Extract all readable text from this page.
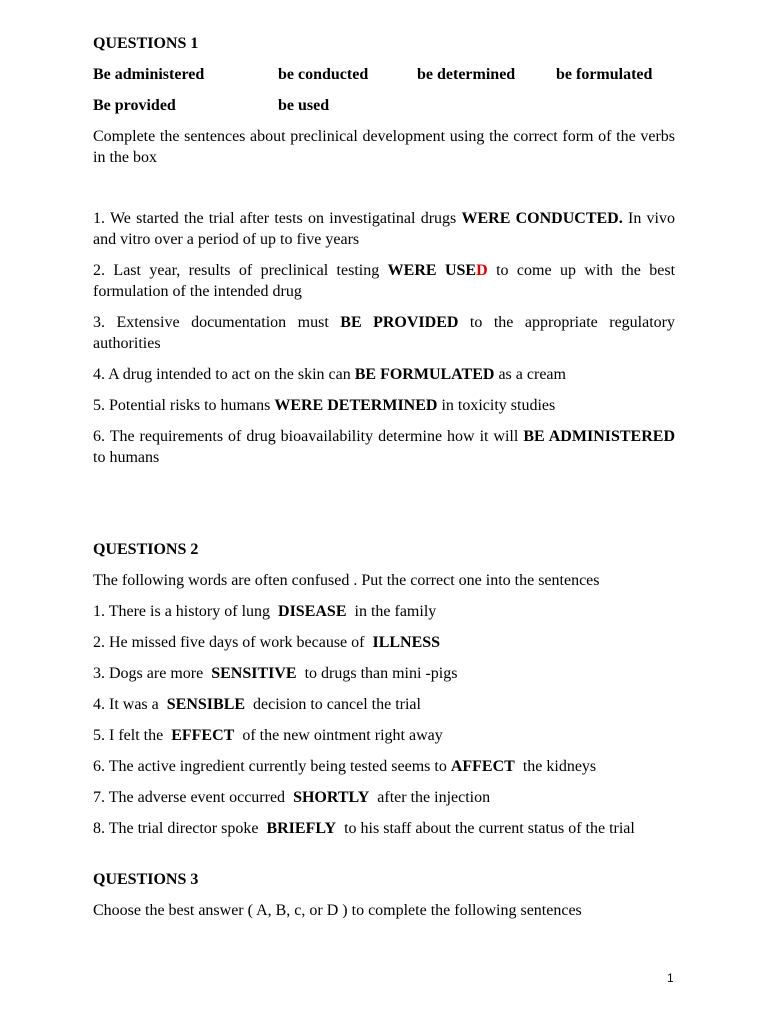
QUESTIONS 1
Be administered	be conducted	be determined	be formulated
Be provided	be used

Complete the sentences about preclinical development using the correct form of the verbs in the box

1. We started the trial after tests on investigatinal drugs WERE CONDUCTED. In vivo and vitro over a period of up to five years

2. Last year, results of preclinical testing WERE USED to come up with the best formulation of the intended drug

3. Extensive documentation must BE PROVIDED to the appropriate regulatory authorities

4. A drug intended to act on the skin can BE FORMULATED as a cream

5. Potential risks to humans WERE DETERMINED in toxicity studies

6. The requirements of drug bioavailability determine how it will BE ADMINISTERED to humans

QUESTIONS 2

The following words are often confused . Put the correct one into the sentences

1. There is a history of lung  DISEASE  in the family

2. He missed five days of work because of  ILLNESS

3. Dogs are more  SENSITIVE  to drugs than mini -pigs

4. It was a  SENSIBLE  decision to cancel the trial

5. I felt the  EFFECT  of the new ointment right away

6. The active ingredient currently being tested seems to AFFECT  the kidneys

7. The adverse event occurred  SHORTLY  after the injection

8. The trial director spoke  BRIEFLY  to his staff about the current status of the trial

QUESTIONS 3

Choose the best answer ( A, B, c, or D ) to complete the following sentences

1
